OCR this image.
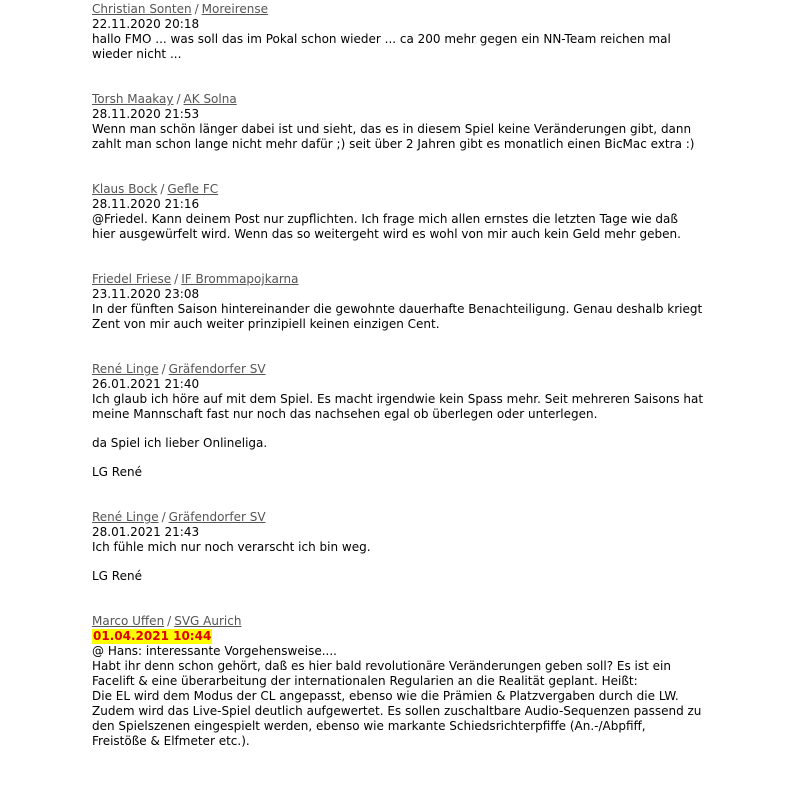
Christian Sonten / Moreirense
22.11.2020 20:18
hallo FMO ... was soll das im Pokal schon wieder ... ca 200 mehr gegen ein NN-Team reichen mal wieder nicht ...
Torsh Maakay / AK Solna
28.11.2020 21:53
Wenn man schön länger dabei ist und sieht, das es in diesem Spiel keine Veränderungen gibt, dann zahlt man schon lange nicht mehr dafür ;) seit über 2 Jahren gibt es monatlich einen BicMac extra :)
Klaus Bock / Gefle FC
28.11.2020 21:16
@Friedel. Kann deinem Post nur zupflichten. Ich frage mich allen ernstes die letzten Tage wie daß hier ausgewürfelt wird. Wenn das so weitergeht wird es wohl von mir auch kein Geld mehr geben.
Friedel Friese / IF Brommapojkarna
23.11.2020 23:08
In der fünften Saison hintereinander die gewohnte dauerhafte Benachteiligung. Genau deshalb kriegt Zent von mir auch weiter prinzipiell keinen einzigen Cent.
René Linge / Gräfendorfer SV
26.01.2021 21:40
Ich glaub ich höre auf mit dem Spiel. Es macht irgendwie kein Spass mehr. Seit mehreren Saisons hat meine Mannschaft fast nur noch das nachsehen egal ob überlegen oder unterlegen.
da Spiel ich lieber Onlineliga.
LG René
René Linge / Gräfendorfer SV
28.01.2021 21:43
Ich fühle mich nur noch verarscht ich bin weg.
LG René
Marco Uffen / SVG Aurich
01.04.2021 10:44
@ Hans: interessante Vorgehensweise....
Habt ihr denn schon gehört, daß es hier bald revolutionäre Veränderungen geben soll? Es ist ein Facelift & eine überarbeitung der internationalen Regularien an die Realität geplant. Heißt:
Die EL wird dem Modus der CL angepasst, ebenso wie die Prämien & Platzvergaben durch die LW.
Zudem wird das Live-Spiel deutlich aufgewertet. Es sollen zuschaltbare Audio-Sequenzen passend zu den Spielszenen eingespielt werden, ebenso wie markante Schiedsrichterpfiffe (An.-/Abpfiff, Freistöße & Elfmeter etc.).
